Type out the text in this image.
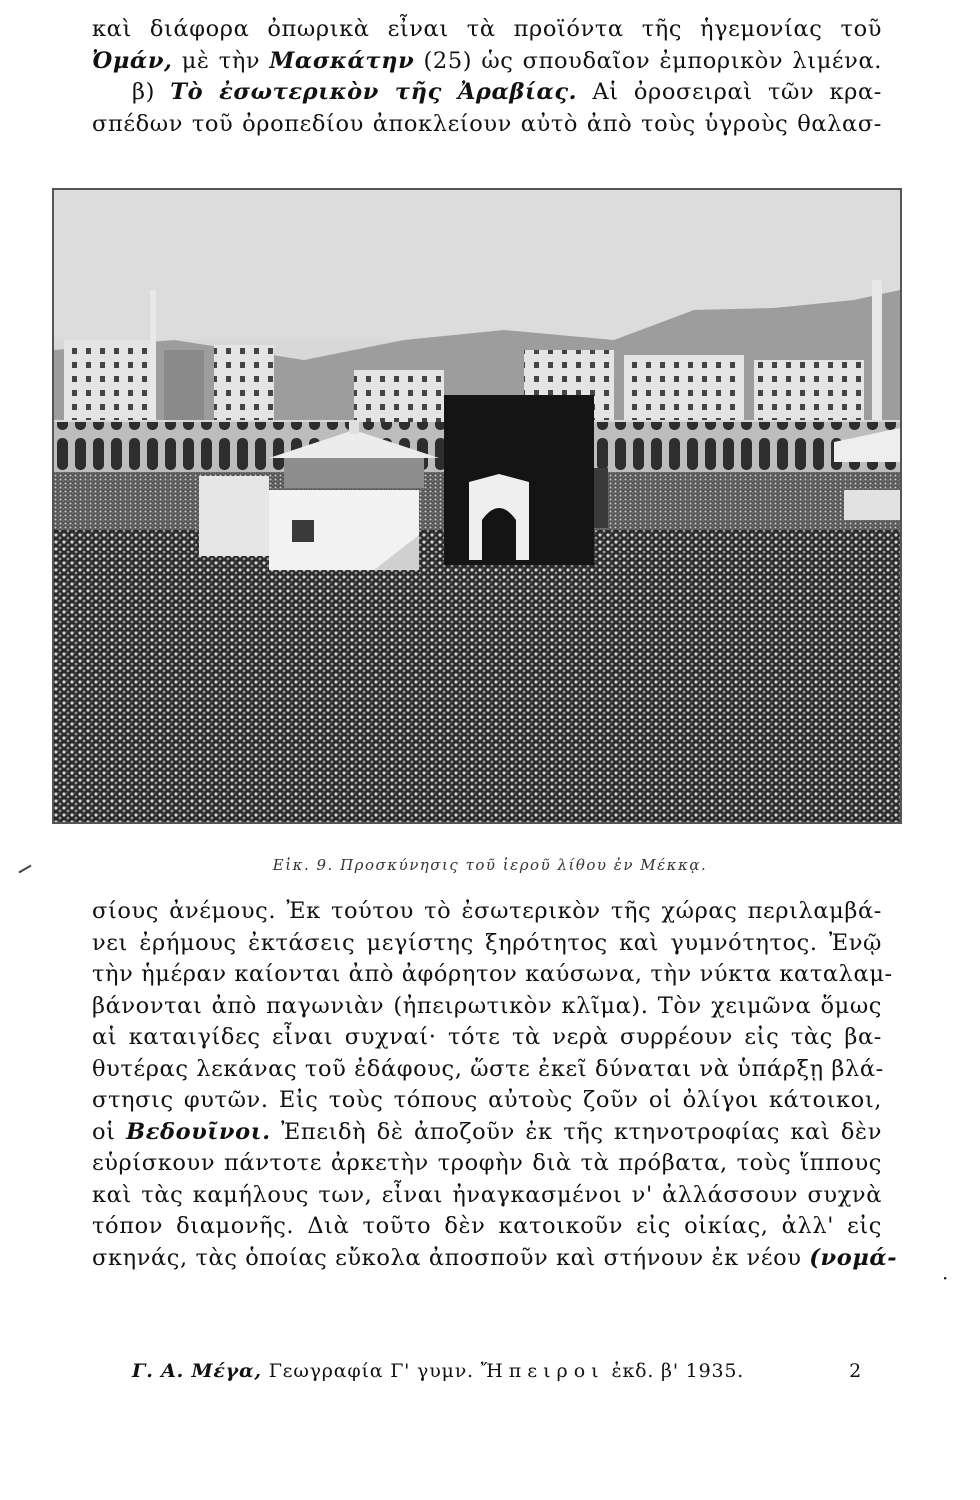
καὶ διάφορα ὀπωρικὰ εἶναι τὰ προϊόντα τῆς ἡγεμονίας τοῦ
Ὀμάν, μὲ τὴν Μασκάτην (25) ὡς σπουδαῖον ἐμπορικὸν λιμένα.
β) Τὸ ἐσωτερικὸν τῆς Ἀραβίας. Αἱ ὀροσειραὶ τῶν κρα-
σπέδων τοῦ ὀροπεδίου ἀποκλείουν αὐτὸ ἀπὸ τοὺς ὑγροὺς θαλασ-
Εἰκ. 9. Προσκύνησις τοῦ ἱεροῦ λίθου ἐν Μέκκᾳ.
σίους ἀνέμους. Ἐκ τούτου τὸ ἐσωτερικὸν τῆς χώρας περιλαμβά-
νει ἐρήμους ἐκτάσεις μεγίστης ξηρότητος καὶ γυμνότητος. Ἐνῷ
τὴν ἡμέραν καίονται ἀπὸ ἀφόρητον καύσωνα, τὴν νύκτα καταλαμ-
βάνονται ἀπὸ παγωνιὰν (ἠπειρωτικὸν κλῖμα). Τὸν χειμῶνα ὅμως
αἱ καταιγίδες εἶναι συχναί· τότε τὰ νερὰ συρρέουν εἰς τὰς βα-
θυτέρας λεκάνας τοῦ ἐδάφους, ὥστε ἐκεῖ δύναται νὰ ὑπάρξῃ βλά-
στησις φυτῶν. Εἰς τοὺς τόπους αὐτοὺς ζοῦν οἱ ὀλίγοι κάτοικοι,
οἱ Βεδουῖνοι. Ἐπειδὴ δὲ ἀποζοῦν ἐκ τῆς κτηνοτροφίας καὶ δὲν
εὑρίσκουν πάντοτε ἀρκετὴν τροφὴν διὰ τὰ πρόβατα, τοὺς ἵππους
καὶ τὰς καμήλους των, εἶναι ἠναγκασμένοι ν' ἀλλάσσουν συχνὰ
τόπον διαμονῆς. Διὰ τοῦτο δὲν κατοικοῦν εἰς οἰκίας, ἀλλ' εἰς
σκηνάς, τὰς ὁποίας εὔκολα ἀποσποῦν καὶ στήνουν ἐκ νέου (νομά-
·
Γ. Α. Μέγα, Γεωγραφία Γ' γυμν. Ἤπειροι ἐκδ. β' 1935.	2
